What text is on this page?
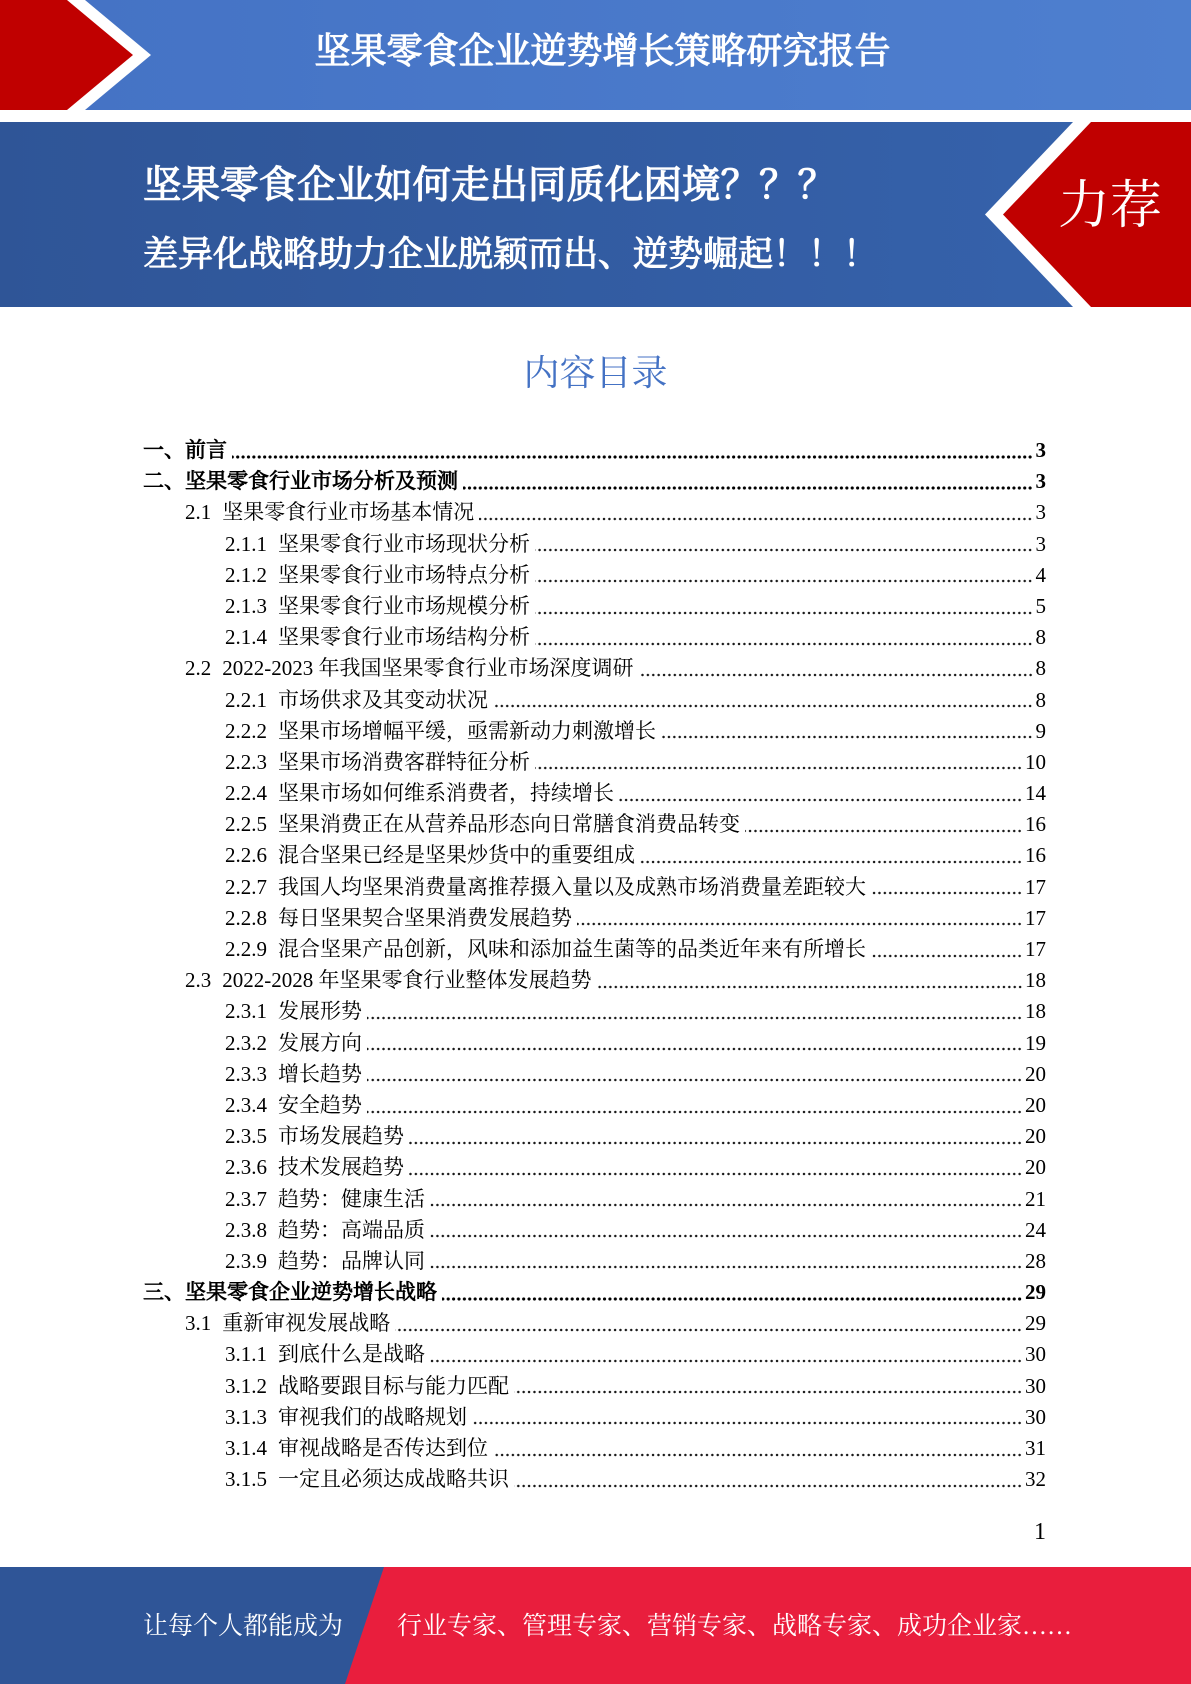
坚果零食企业逆势增长策略研究报告
坚果零食企业如何走出同质化困境？？？
差异化战略助力企业脱颖而出、逆势崛起！！！
力荐
内容目录
一、 前言	3
二、 坚果零食行业市场分析及预测	3
2.1 坚果零食行业市场基本情况	3
2.1.1 坚果零食行业市场现状分析	3
2.1.2 坚果零食行业市场特点分析	4
2.1.3 坚果零食行业市场规模分析	5
2.1.4 坚果零食行业市场结构分析	8
2.2 2022-2023 年我国坚果零食行业市场深度调研	8
2.2.1 市场供求及其变动状况	8
2.2.2 坚果市场增幅平缓，亟需新动力刺激增长	9
2.2.3 坚果市场消费客群特征分析	10
2.2.4 坚果市场如何维系消费者，持续增长	14
2.2.5 坚果消费正在从营养品形态向日常膳食消费品转变	16
2.2.6 混合坚果已经是坚果炒货中的重要组成	16
2.2.7 我国人均坚果消费量离推荐摄入量以及成熟市场消费量差距较大	17
2.2.8 每日坚果契合坚果消费发展趋势	17
2.2.9 混合坚果产品创新，风味和添加益生菌等的品类近年来有所增长	17
2.3 2022-2028 年坚果零食行业整体发展趋势	18
2.3.1 发展形势	18
2.3.2 发展方向	19
2.3.3 增长趋势	20
2.3.4 安全趋势	20
2.3.5 市场发展趋势	20
2.3.6 技术发展趋势	20
2.3.7 趋势：健康生活	21
2.3.8 趋势：高端品质	24
2.3.9 趋势：品牌认同	28
三、 坚果零食企业逆势增长战略	29
3.1 重新审视发展战略	29
3.1.1 到底什么是战略	30
3.1.2 战略要跟目标与能力匹配	30
3.1.3 审视我们的战略规划	30
3.1.4 审视战略是否传达到位	31
3.1.5 一定且必须达成战略共识	32
1
让每个人都能成为 行业专家、管理专家、营销专家、战略专家、成功企业家……
